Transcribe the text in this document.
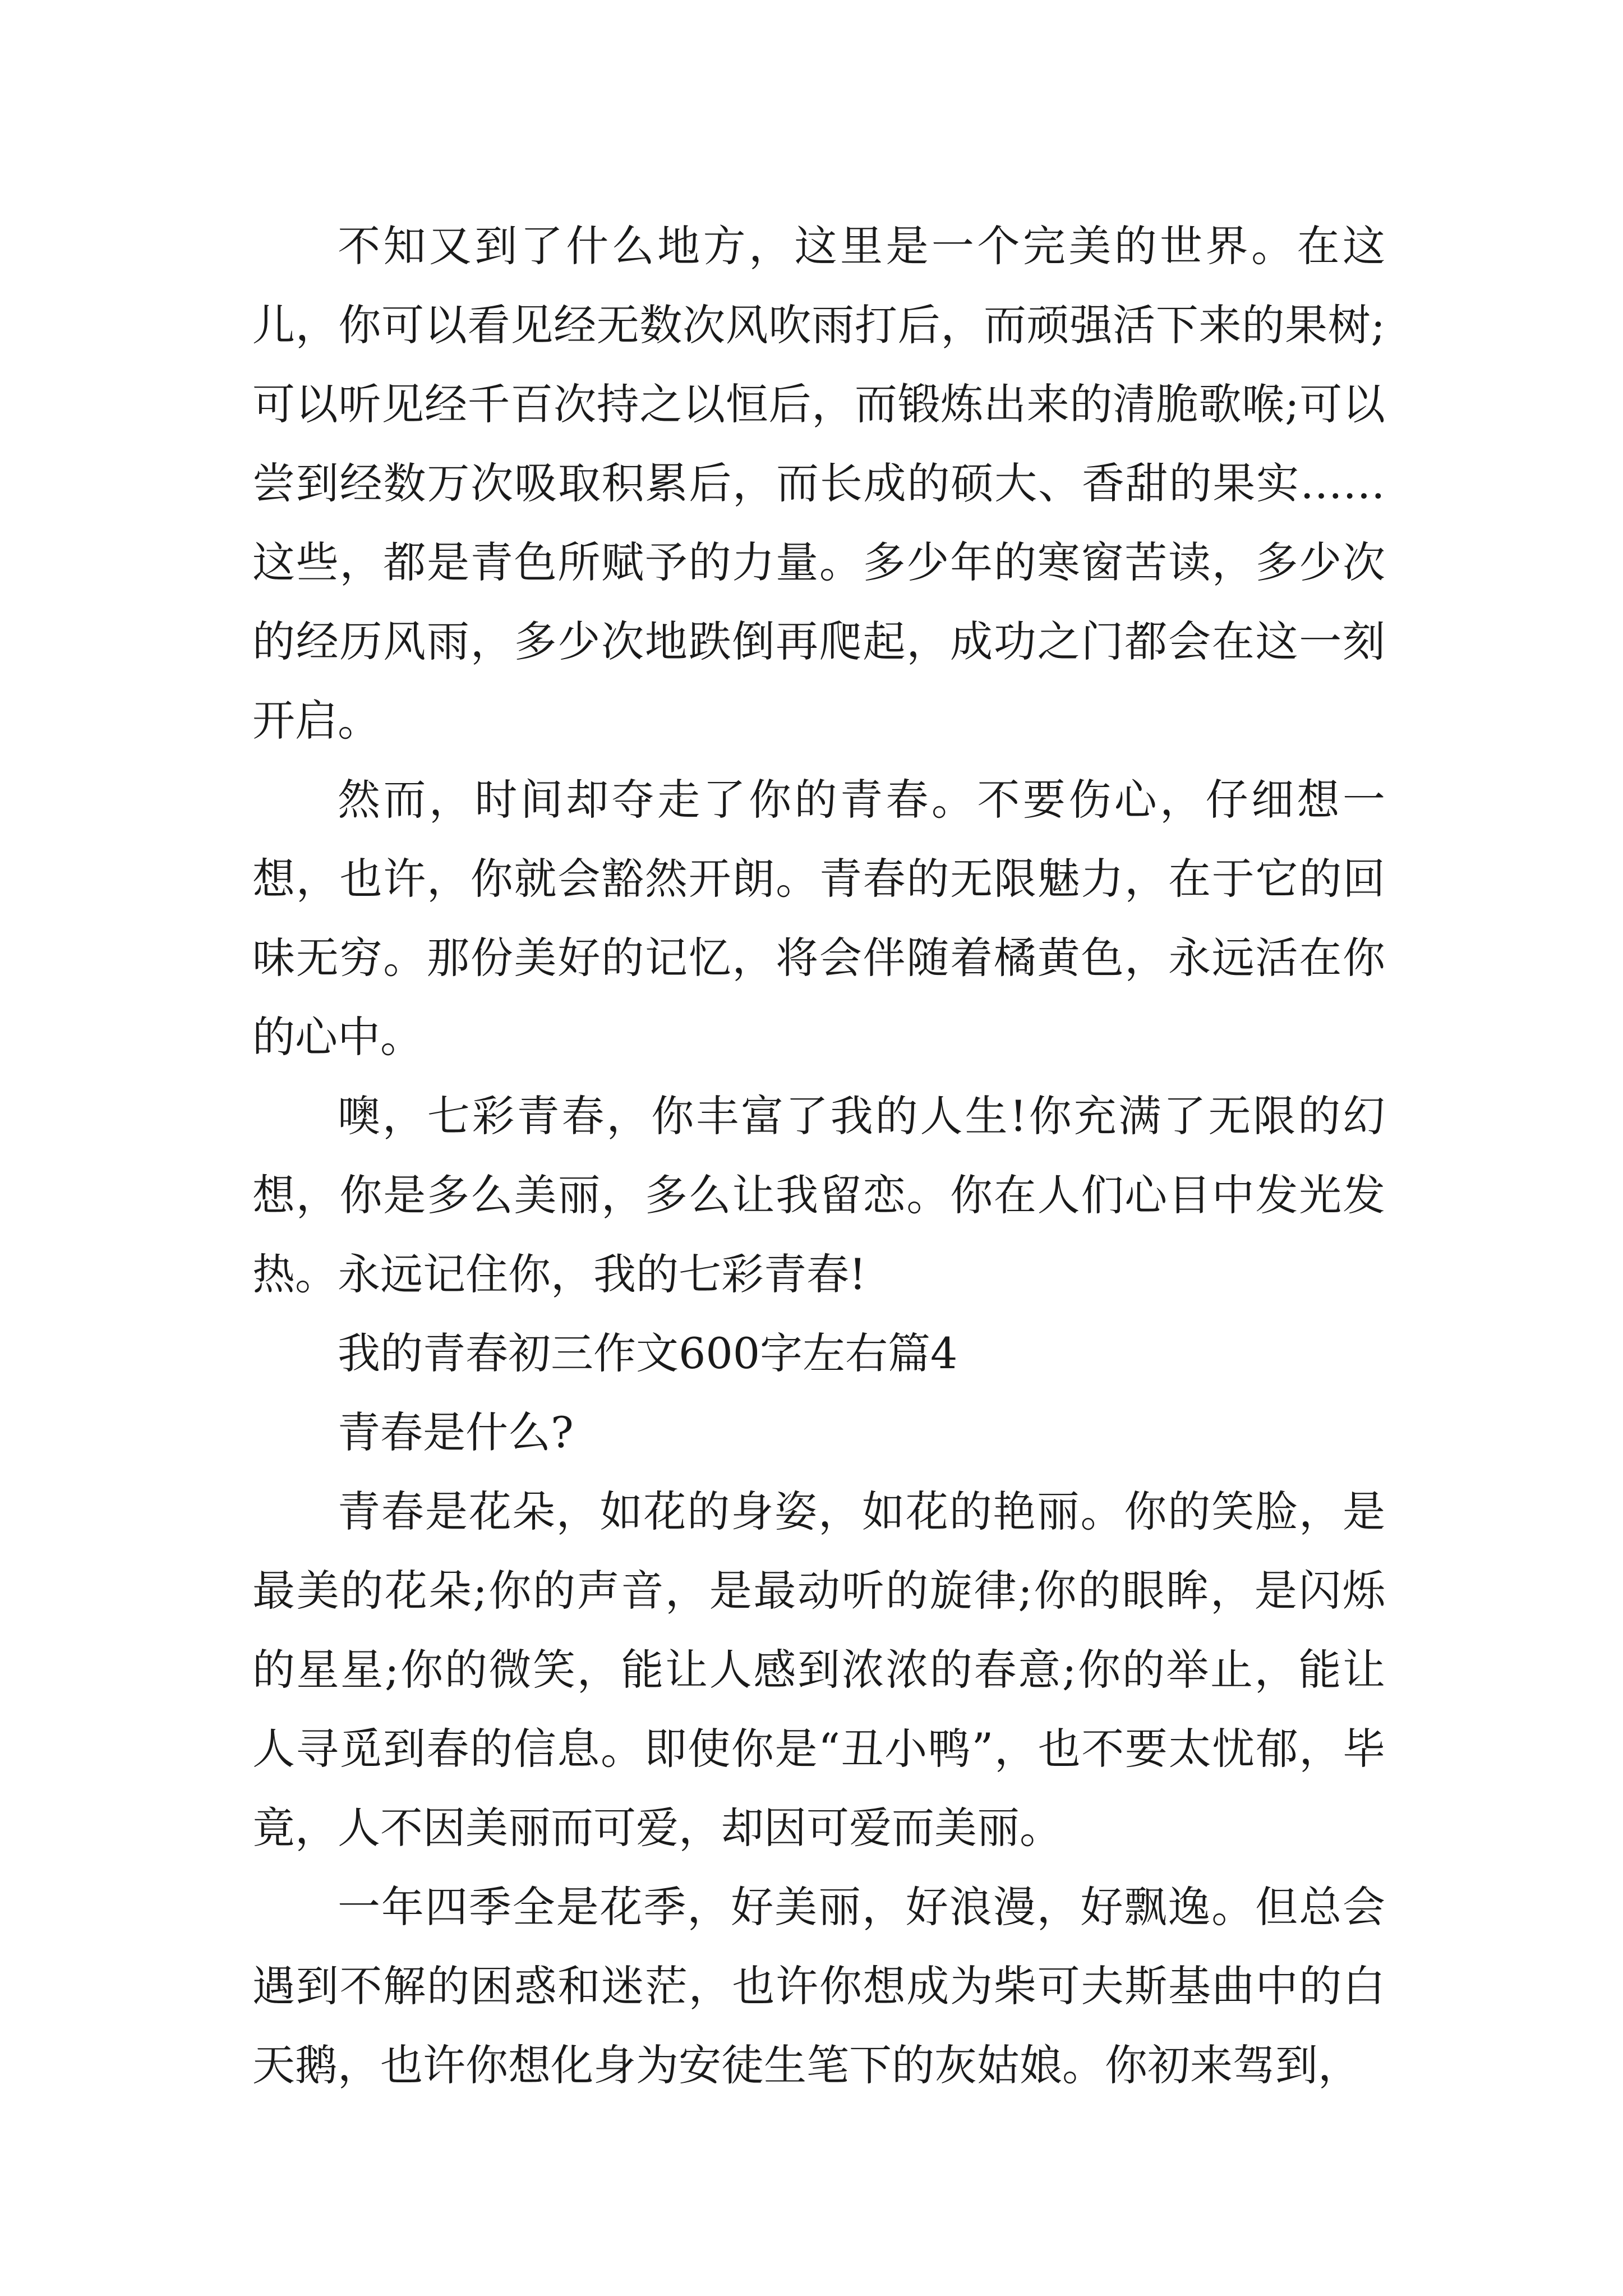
不知又到了什么地方，这里是一个完美的世界。在这儿，你可以看见经无数次风吹雨打后，而顽强活下来的果树;可以听见经千百次持之以恒后，而锻炼出来的清脆歌喉;可以尝到经数万次吸取积累后，而长成的硕大、香甜的果实……这些，都是青色所赋予的力量。多少年的寒窗苦读，多少次的经历风雨，多少次地跌倒再爬起，成功之门都会在这一刻开启。

然而，时间却夺走了你的青春。不要伤心，仔细想一想，也许，你就会豁然开朗。青春的无限魅力，在于它的回味无穷。那份美好的记忆，将会伴随着橘黄色，永远活在你的心中。

噢，七彩青春，你丰富了我的人生!你充满了无限的幻想，你是多么美丽，多么让我留恋。你在人们心目中发光发热。永远记住你，我的七彩青春!

我的青春初三作文600字左右篇4

青春是什么?

青春是花朵，如花的身姿，如花的艳丽。你的笑脸，是最美的花朵;你的声音，是最动听的旋律;你的眼眸，是闪烁的星星;你的微笑，能让人感到浓浓的春意;你的举止，能让人寻觅到春的信息。即使你是“丑小鸭”，也不要太忧郁，毕竟，人不因美丽而可爱，却因可爱而美丽。

一年四季全是花季，好美丽，好浪漫，好飘逸。但总会遇到不解的困惑和迷茫，也许你想成为柴可夫斯基曲中的白天鹅，也许你想化身为安徒生笔下的灰姑娘。你初来驾到，
